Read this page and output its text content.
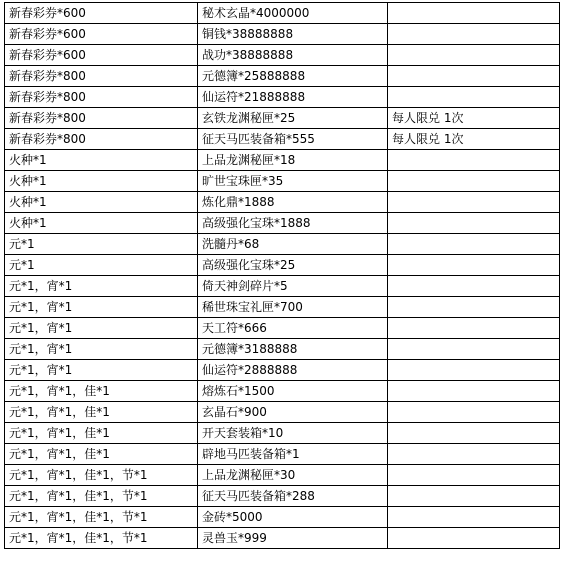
新春彩券*600	秘术玄晶*4000000	
新春彩券*600	铜钱*38888888	
新春彩券*600	战功*38888888	
新春彩券*800	元德簿*25888888	
新春彩券*800	仙运符*21888888	
新春彩券*800	玄铁龙渊秘匣*25	每人限兑 1次
新春彩券*800	征天马匹装备箱*555	每人限兑 1次
火种*1	上品龙渊秘匣*18	
火种*1	旷世宝珠匣*35	
火种*1	炼化鼎*1888	
火种*1	高级强化宝珠*1888	
元*1	洗髓丹*68	
元*1	高级强化宝珠*25	
元*1，宵*1	倚天神剑碎片*5	
元*1，宵*1	稀世珠宝礼匣*700	
元*1，宵*1	天工符*666	
元*1，宵*1	元德簿*3188888	
元*1，宵*1	仙运符*2888888	
元*1，宵*1，佳*1	熔炼石*1500	
元*1，宵*1，佳*1	玄晶石*900	
元*1，宵*1，佳*1	开天套装箱*10	
元*1，宵*1，佳*1	辟地马匹装备箱*1	
元*1，宵*1，佳*1，节*1	上品龙渊秘匣*30	
元*1，宵*1，佳*1，节*1	征天马匹装备箱*288	
元*1，宵*1，佳*1，节*1	金砖*5000	
元*1，宵*1，佳*1，节*1	灵兽玉*999	
